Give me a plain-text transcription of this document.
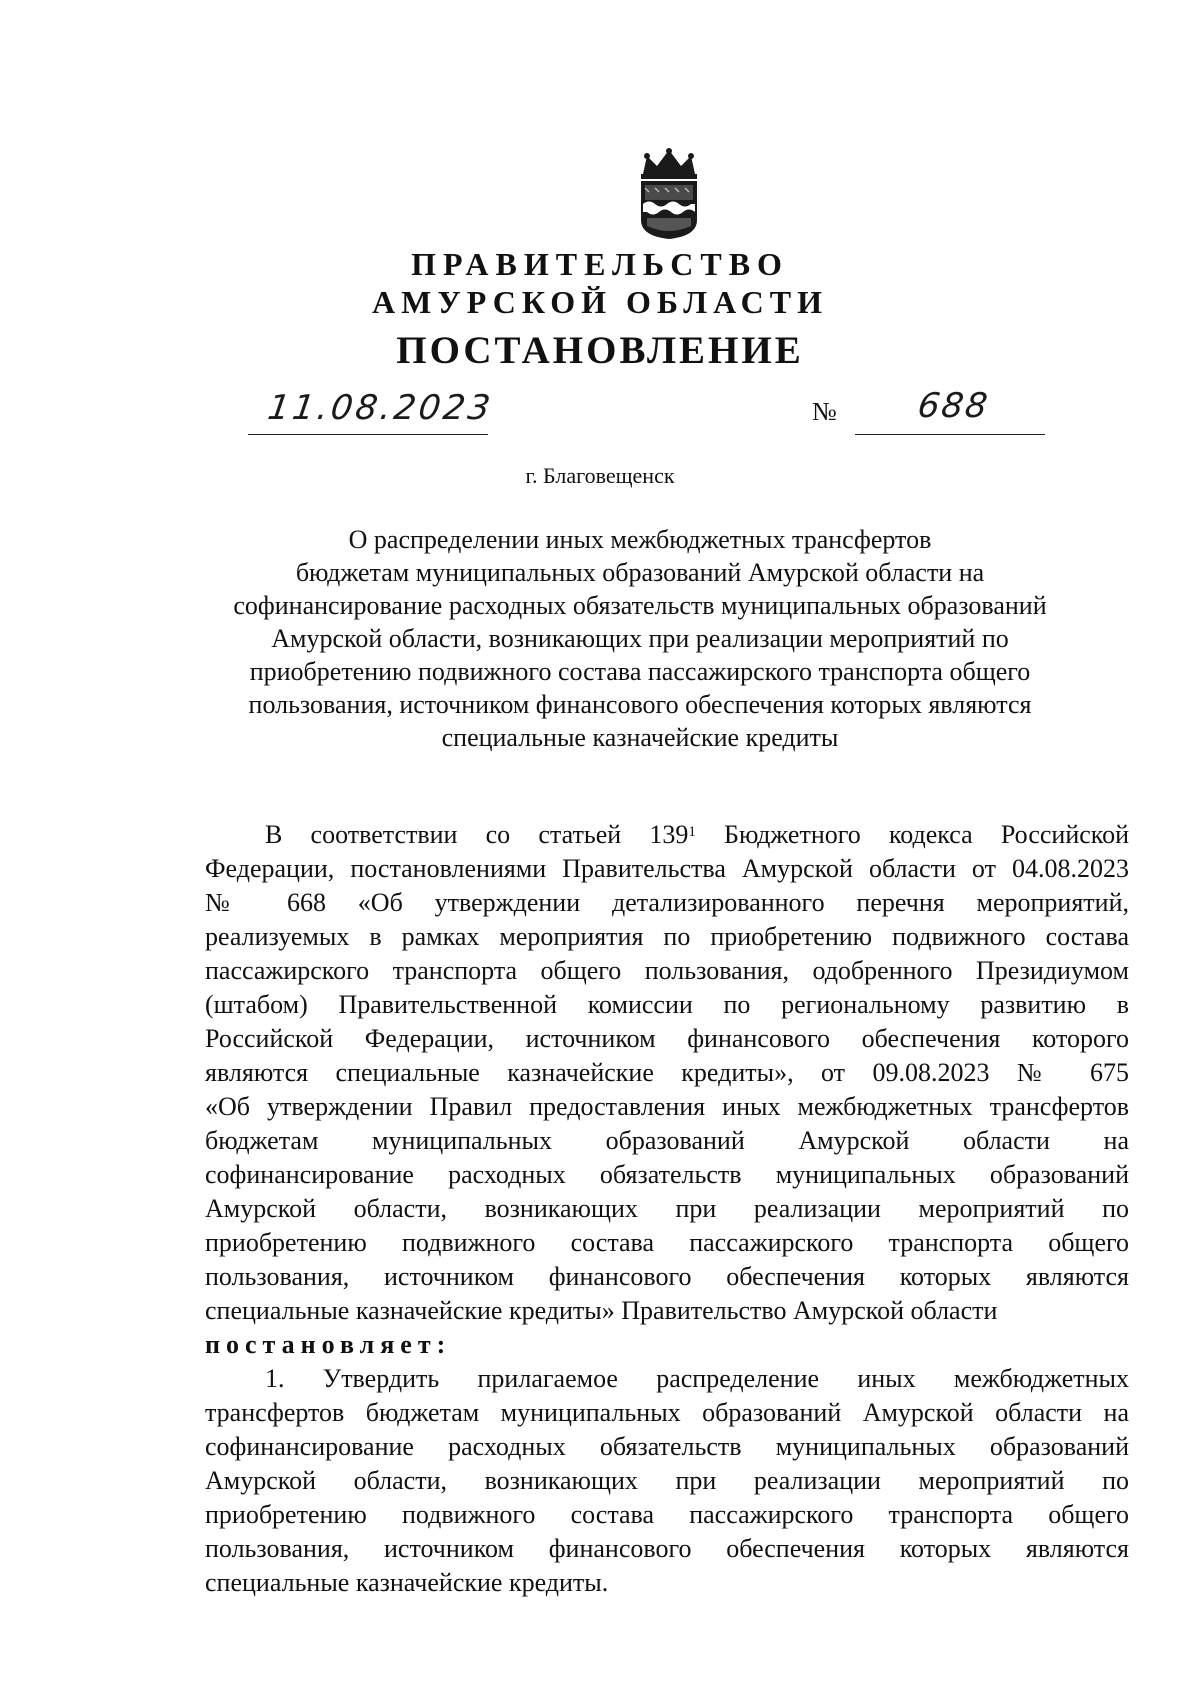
ПРАВИТЕЛЬСТВО
АМУРСКОЙ ОБЛАСТИ
ПОСТАНОВЛЕНИЕ
11.08.2023	№ 688
г. Благовещенск
О распределении иных межбюджетных трансфертов
бюджетам муниципальных образований Амурской области на
софинансирование расходных обязательств муниципальных образований
Амурской области, возникающих при реализации мероприятий по
приобретению подвижного состава пассажирского транспорта общего
пользования, источником финансового обеспечения которых являются
специальные казначейские кредиты
В соответствии со статьей $139^1$ Бюджетного кодекса Российской
Федерации, постановлениями Правительства Амурской области от 04.08.2023
№ 668 «Об утверждении детализированного перечня мероприятий,
реализуемых в рамках мероприятия по приобретению подвижного состава
пассажирского транспорта общего пользования, одобренного Президиумом
(штабом) Правительственной комиссии по региональному развитию в
Российской Федерации, источником финансового обеспечения которого
являются специальные казначейские кредиты», от 09.08.2023 № 675
«Об утверждении Правил предоставления иных межбюджетных трансфертов
бюджетам муниципальных образований Амурской области на
софинансирование расходных обязательств муниципальных образований
Амурской области, возникающих при реализации мероприятий по
приобретению подвижного состава пассажирского транспорта общего
пользования, источником финансового обеспечения которых являются
специальные казначейские кредиты» Правительство Амурской области
постановляет:
1. Утвердить прилагаемое распределение иных межбюджетных
трансфертов бюджетам муниципальных образований Амурской области на
софинансирование расходных обязательств муниципальных образований
Амурской области, возникающих при реализации мероприятий по
приобретению подвижного состава пассажирского транспорта общего
пользования, источником финансового обеспечения которых являются
специальные казначейские кредиты.
